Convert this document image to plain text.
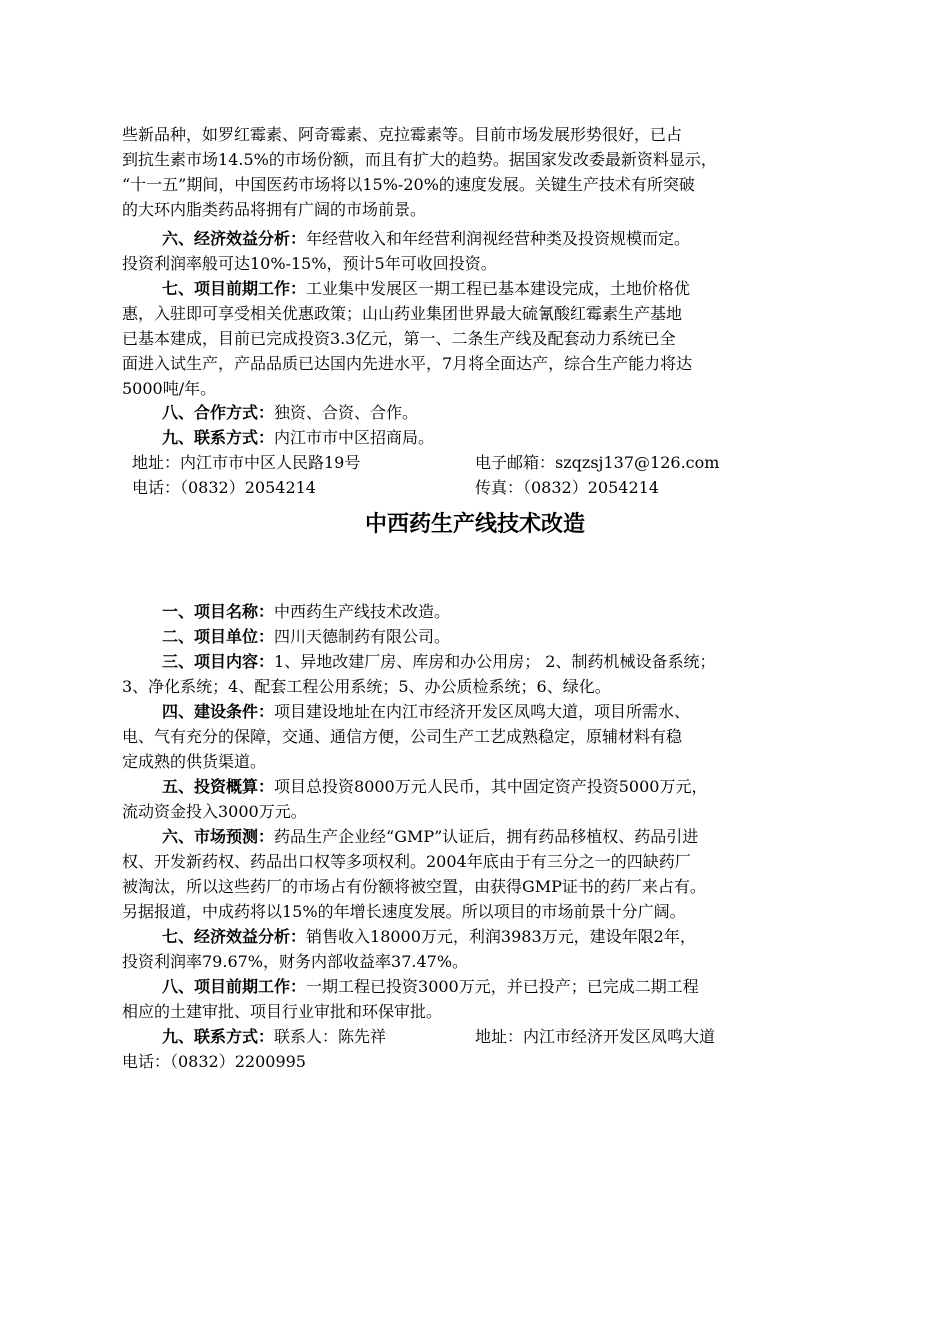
些新品种，如罗红霉素、阿奇霉素、克拉霉素等。目前市场发展形势很好，已占
到抗生素市场14.5%的市场份额，而且有扩大的趋势。据国家发改委最新资料显示，
“十一五”期间，中国医药市场将以15%-20%的速度发展。关键生产技术有所突破
的大环内脂类药品将拥有广阔的市场前景。
六、经济效益分析：年经营收入和年经营利润视经营种类及投资规模而定。
投资利润率般可达10%-15%，预计5年可收回投资。
七、项目前期工作：工业集中发展区一期工程已基本建设完成，土地价格优
惠，入驻即可享受相关优惠政策；山山药业集团世界最大硫氰酸红霉素生产基地
已基本建成，目前已完成投资3.3亿元，第一、二条生产线及配套动力系统已全
面进入试生产，产品品质已达国内先进水平，7月将全面达产，综合生产能力将达
5000吨/年。
八、合作方式：独资、合资、合作。
九、联系方式：内江市市中区招商局。
地址：内江市市中区人民路19号	电子邮箱：szqzsj137@126.com
电话：（0832）2054214	传真：（0832）2054214
中西药生产线技术改造
一、项目名称：中西药生产线技术改造。
二、项目单位：四川天德制药有限公司。
三、项目内容：1、异地改建厂房、库房和办公用房； 2、制药机械设备系统；
3、净化系统；4、配套工程公用系统；5、办公质检系统；6、绿化。
四、建设条件：项目建设地址在内江市经济开发区凤鸣大道，项目所需水、
电、气有充分的保障，交通、通信方便，公司生产工艺成熟稳定，原辅材料有稳
定成熟的供货渠道。
五、投资概算：项目总投资8000万元人民币，其中固定资产投资5000万元，
流动资金投入3000万元。
六、市场预测：药品生产企业经“GMP”认证后，拥有药品移植权、药品引进
权、开发新药权、药品出口权等多项权利。2004年底由于有三分之一的四缺药厂
被淘汰，所以这些药厂的市场占有份额将被空置，由获得GMP证书的药厂来占有。
另据报道，中成药将以15%的年增长速度发展。所以项目的市场前景十分广阔。
七、经济效益分析：销售收入18000万元，利润3983万元，建设年限2年，
投资利润率79.67%，财务内部收益率37.47%。
八、项目前期工作：一期工程已投资3000万元，并已投产；已完成二期工程
相应的土建审批、项目行业审批和环保审批。
九、联系方式：联系人：陈先祥
电话：（0832）2200995
地址：内江市经济开发区凤鸣大道
